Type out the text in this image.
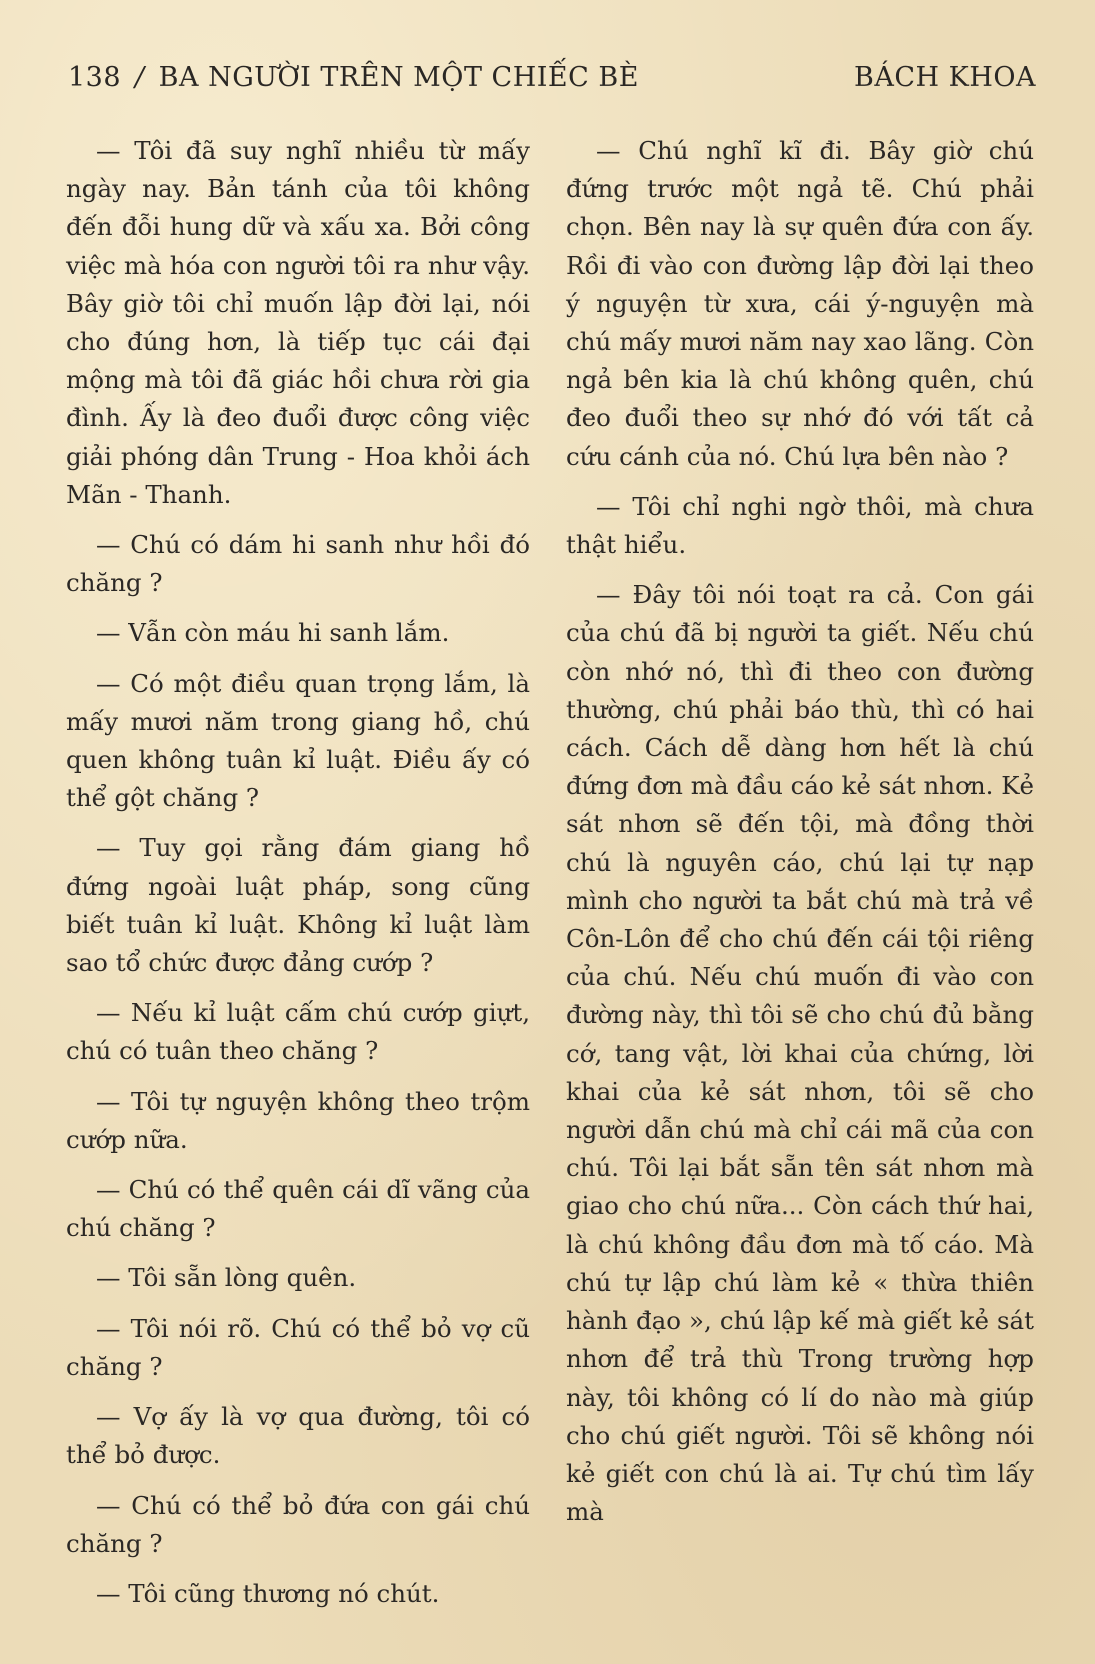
138 / BA NGƯỜI TRÊN MỘT CHIẾC BÈ	BÁCH KHOA

— Tôi đã suy nghĩ nhiều từ mấy ngày nay. Bản tánh của tôi không đến đỗi hung dữ và xấu xa. Bởi công việc mà hóa con người tôi ra như vậy. Bây giờ tôi chỉ muốn lập đời lại, nói cho đúng hơn, là tiếp tục cái đại mộng mà tôi đã giác hồi chưa rời gia đình. Ấy là đeo đuổi được công việc giải phóng dân Trung - Hoa khỏi ách Mãn - Thanh.

— Chú có dám hi sanh như hồi đó chăng ?

— Vẫn còn máu hi sanh lắm.

— Có một điều quan trọng lắm, là mấy mươi năm trong giang hồ, chú quen không tuân kỉ luật. Điều ấy có thể gột chăng ?

— Tuy gọi rằng đám giang hồ đứng ngoài luật pháp, song cũng biết tuân kỉ luật. Không kỉ luật làm sao tổ chức được đảng cướp ?

— Nếu kỉ luật cấm chú cướp giựt, chú có tuân theo chăng ?

— Tôi tự nguyện không theo trộm cướp nữa.

— Chú có thể quên cái dĩ vãng của chú chăng ?

— Tôi sẵn lòng quên.

— Tôi nói rõ. Chú có thể bỏ vợ cũ chăng ?

— Vợ ấy là vợ qua đường, tôi có thể bỏ được.

— Chú có thể bỏ đứa con gái chú chăng ?

— Tôi cũng thương nó chút.

— Chú nghĩ kĩ đi. Bây giờ chú đứng trước một ngả tẽ. Chú phải chọn. Bên nay là sự quên đứa con ấy. Rồi đi vào con đường lập đời lại theo ý nguyện từ xưa, cái ý-nguyện mà chú mấy mươi năm nay xao lãng. Còn ngả bên kia là chú không quên, chú đeo đuổi theo sự nhớ đó với tất cả cứu cánh của nó. Chú lựa bên nào ?

— Tôi chỉ nghi ngờ thôi, mà chưa thật hiểu.

— Đây tôi nói toạt ra cả. Con gái của chú đã bị người ta giết. Nếu chú còn nhớ nó, thì đi theo con đường thường, chú phải báo thù, thì có hai cách. Cách dễ dàng hơn hết là chú đứng đơn mà đầu cáo kẻ sát nhơn. Kẻ sát nhơn sẽ đến tội, mà đồng thời chú là nguyên cáo, chú lại tự nạp mình cho người ta bắt chú mà trả về Côn-Lôn để cho chú đến cái tội riêng của chú. Nếu chú muốn đi vào con đường này, thì tôi sẽ cho chú đủ bằng cớ, tang vật, lời khai của chứng, lời khai của kẻ sát nhơn, tôi sẽ cho người dẫn chú mà chỉ cái mã của con chú. Tôi lại bắt sẵn tên sát nhơn mà giao cho chú nữa... Còn cách thứ hai, là chú không đầu đơn mà tố cáo. Mà chú tự lập chú làm kẻ « thừa thiên hành đạo », chú lập kế mà giết kẻ sát nhơn để trả thù Trong trường hợp này, tôi không có lí do nào mà giúp cho chú giết người. Tôi sẽ không nói kẻ giết con chú là ai. Tự chú tìm lấy mà
